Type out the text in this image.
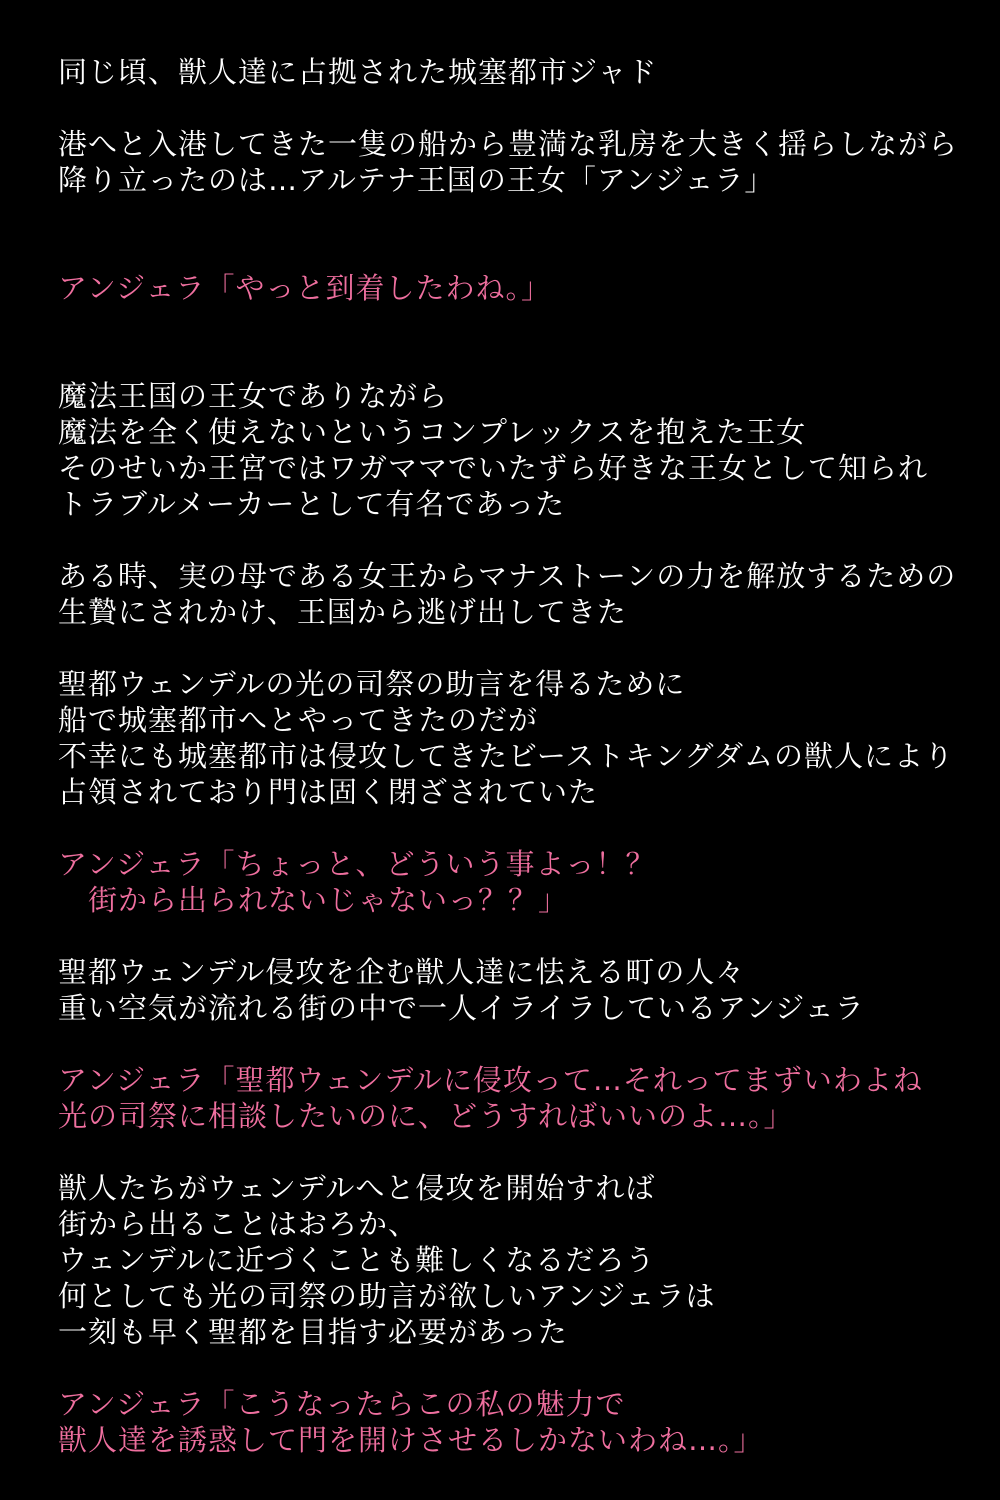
同じ頃、獣人達に占拠された城塞都市ジャド
港へと入港してきた一隻の船から豊満な乳房を大きく揺らしながら
降り立ったのは…アルテナ王国の王女「アンジェラ」
アンジェラ「やっと到着したわね。」
魔法王国の王女でありながら
魔法を全く使えないというコンプレックスを抱えた王女
そのせいか王宮ではワガママでいたずら好きな王女として知られ
トラブルメーカーとして有名であった
ある時、実の母である女王からマナストーンの力を解放するための
生贄にされかけ、王国から逃げ出してきた
聖都ウェンデルの光の司祭の助言を得るために
船で城塞都市へとやってきたのだが
不幸にも城塞都市は侵攻してきたビーストキングダムの獣人により
占領されており門は固く閉ざされていた
アンジェラ「ちょっと、どういう事よっ！？
　街から出られないじゃないっ？？」
聖都ウェンデル侵攻を企む獣人達に怯える町の人々
重い空気が流れる街の中で一人イライラしているアンジェラ
アンジェラ「聖都ウェンデルに侵攻って…それってまずいわよね
光の司祭に相談したいのに、どうすればいいのよ…。」
獣人たちがウェンデルへと侵攻を開始すれば
街から出ることはおろか、
ウェンデルに近づくことも難しくなるだろう
何としても光の司祭の助言が欲しいアンジェラは
一刻も早く聖都を目指す必要があった
アンジェラ「こうなったらこの私の魅力で
獣人達を誘惑して門を開けさせるしかないわね…。」
